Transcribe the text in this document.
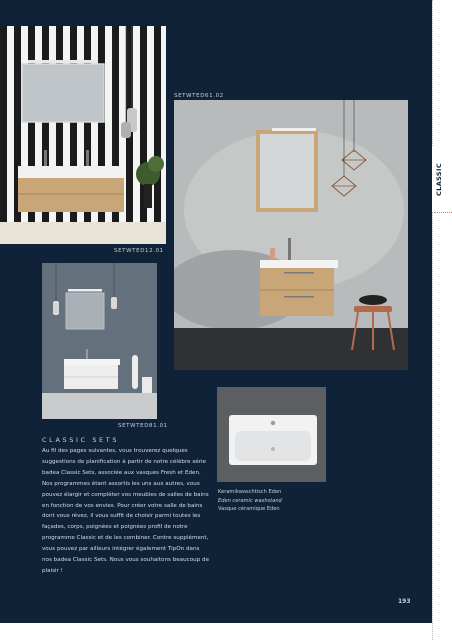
SETWTED61.02
SETWTED12.01
SETWTED81.01
CLASSIC SETS

Au fil des pages suivantes, vous trouverez quelques suggestions de planification à partir de notre célèbre série badea Classic Sets, associée aux vasques Fresh et Eden. Nos programmes étant assortis les uns aux autres, vous pouvez élargir et compléter vos meubles de salles de bains en fonction de vos envies. Pour créer votre salle de bains dont vous rêvez, il vous suffit de choisir parmi toutes les façades, corps, poignées et poignées profil de notre programme Classic et de les combiner. Contre supplément, vous pouvez par ailleurs intégrer également TipOn dans nos badea Classic Sets. Nous vous souhaitons beaucoup de plaisir !

Keramikwaschtisch Eden
Eden ceramic washstand
Vasque céramique Eden
193
CLASSIC
